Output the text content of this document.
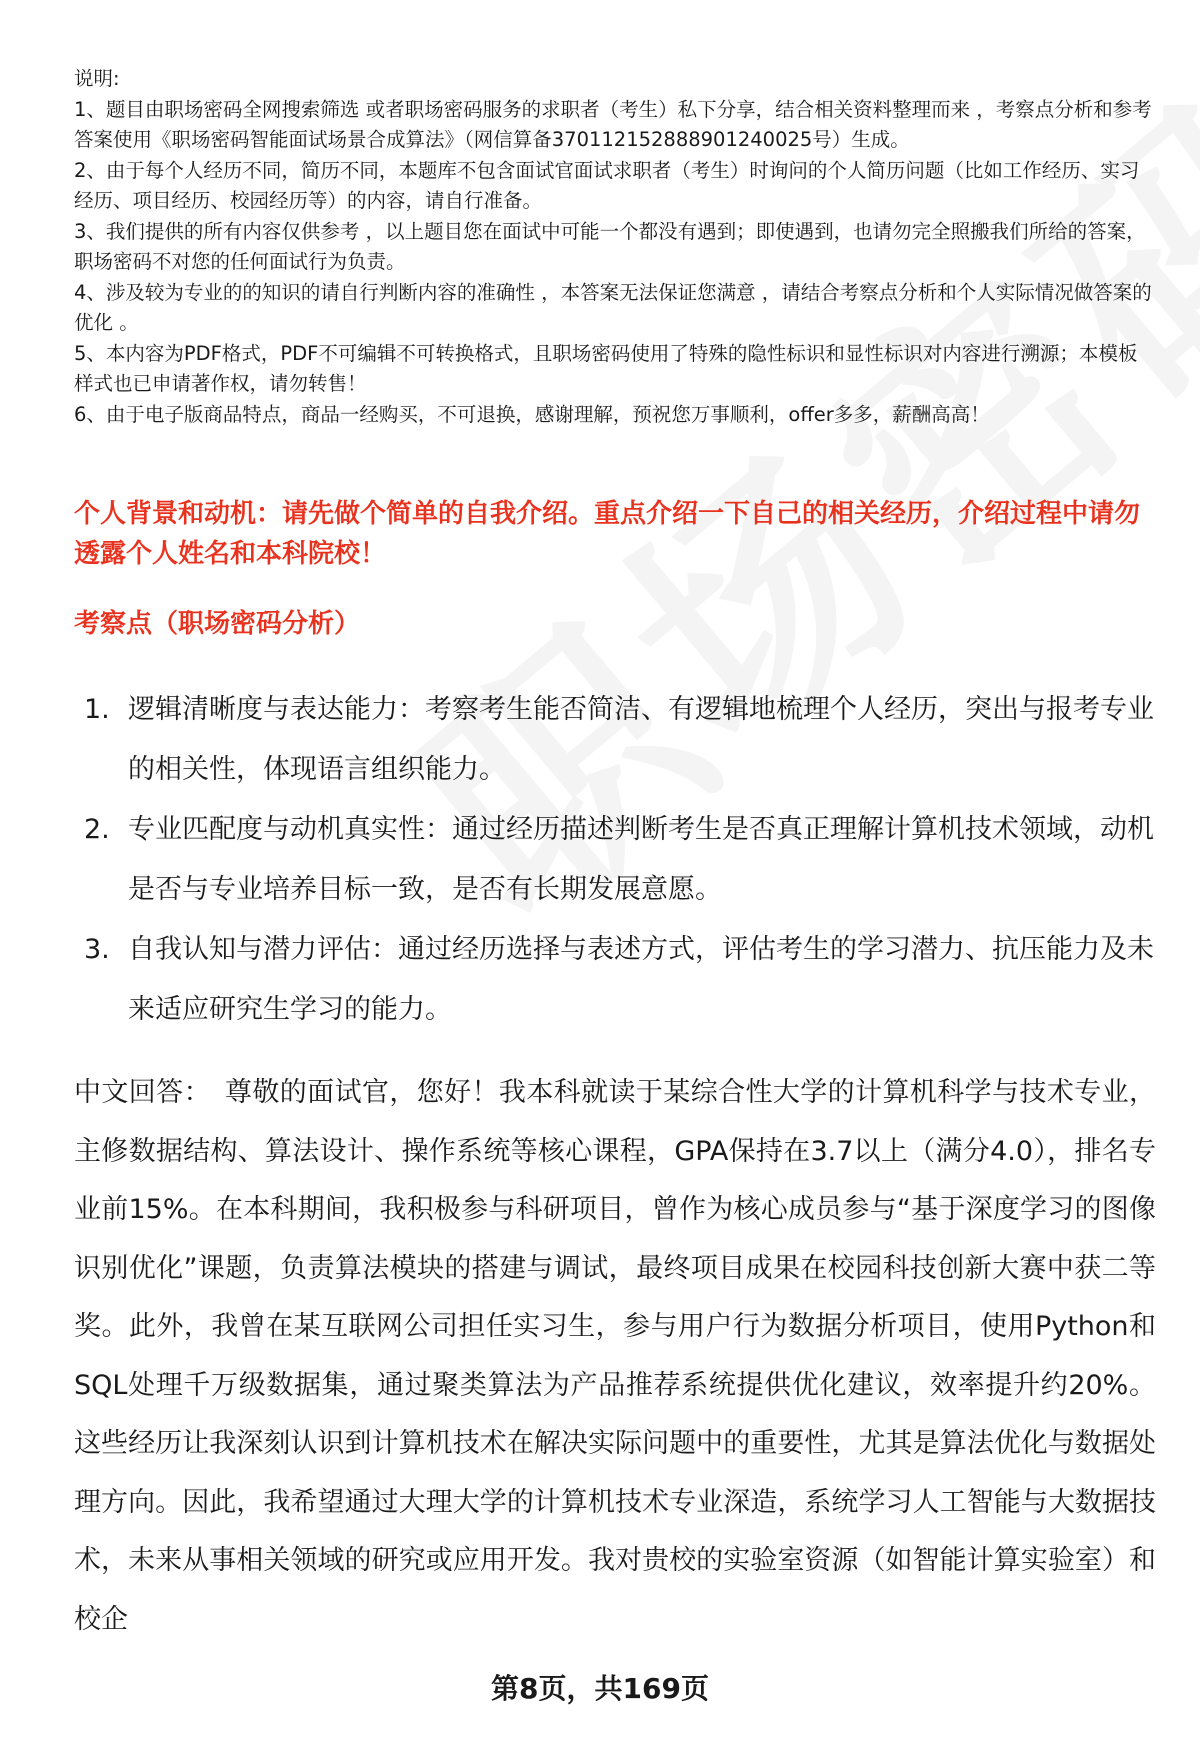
说明:

1、题目由职场密码全网搜索筛选 或者职场密码服务的求职者（考生）私下分享，结合相关资料整理而来 ，考察点分析和参考答案使用《职场密码智能面试场景合成算法》（网信算备370112152888901240025号）生成。

2、由于每个人经历不同，简历不同，本题库不包含面试官面试求职者（考生）时询问的个人简历问题（比如工作经历、实习经历、项目经历、校园经历等）的内容，请自行准备。

3、我们提供的所有内容仅供参考 ，以上题目您在面试中可能一个都没有遇到；即使遇到，也请勿完全照搬我们所给的答案，职场密码不对您的任何面试行为负责。

4、涉及较为专业的的知识的请自行判断内容的准确性 ，本答案无法保证您满意 ，请结合考察点分析和个人实际情况做答案的优化 。

5、本内容为PDF格式，PDF不可编辑不可转换格式，且职场密码使用了特殊的隐性标识和显性标识对内容进行溯源；本模板样式也已申请著作权，请勿转售！

6、由于电子版商品特点，商品一经购买，不可退换，感谢理解，预祝您万事顺利，offer多多，薪酬高高！

个人背景和动机：请先做个简单的自我介绍。重点介绍一下自己的相关经历，介绍过程中请勿透露个人姓名和本科院校！
考察点（职场密码分析）
1. 逻辑清晰度与表达能力：考察考生能否简洁、有逻辑地梳理个人经历，突出与报考专业的相关性，体现语言组织能力。
2. 专业匹配度与动机真实性：通过经历描述判断考生是否真正理解计算机技术领域，动机是否与专业培养目标一致，是否有长期发展意愿。
3. 自我认知与潜力评估：通过经历选择与表述方式，评估考生的学习潜力、抗压能力及未来适应研究生学习的能力。
中文回答： 尊敬的面试官，您好！我本科就读于某综合性大学的计算机科学与技术专业，主修数据结构、算法设计、操作系统等核心课程，GPA保持在3.7以上（满分4.0），排名专业前15%。在本科期间，我积极参与科研项目，曾作为核心成员参与“基于深度学习的图像识别优化”课题，负责算法模块的搭建与调试，最终项目成果在校园科技创新大赛中获二等奖。此外，我曾在某互联网公司担任实习生，参与用户行为数据分析项目，使用Python和SQL处理千万级数据集，通过聚类算法为产品推荐系统提供优化建议，效率提升约20%。这些经历让我深刻认识到计算机技术在解决实际问题中的重要性，尤其是算法优化与数据处理方向。因此，我希望通过大理大学的计算机技术专业深造，系统学习人工智能与大数据技术，未来从事相关领域的研究或应用开发。我对贵校的实验室资源（如智能计算实验室）和校企
第8页，共169页
